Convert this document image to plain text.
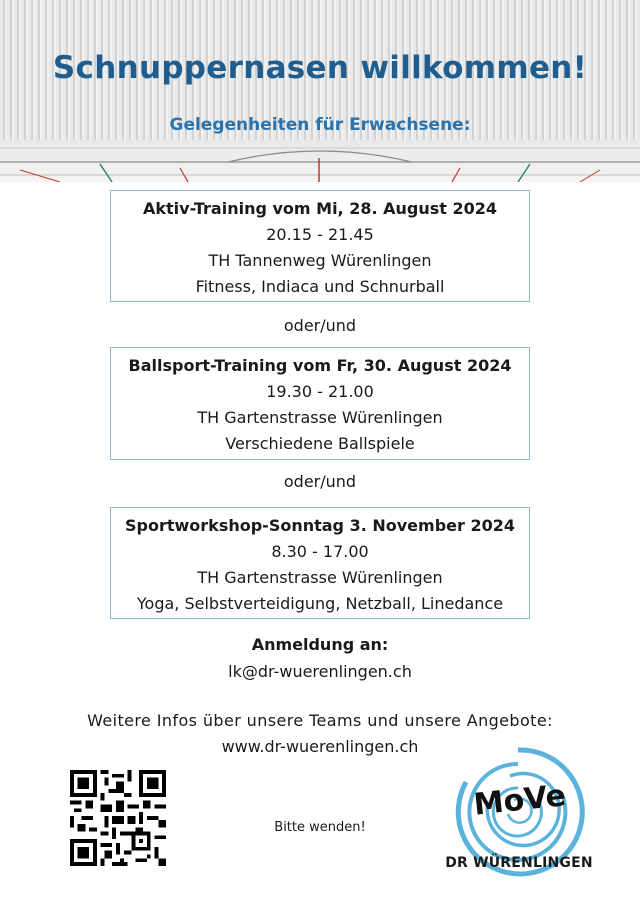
Schnuppernasen willkommen!
Gelegenheiten für Erwachsene:
Aktiv-Training vom Mi, 28. August 2024
20.15 - 21.45
TH Tannenweg Würenlingen
Fitness, Indiaca und Schnurball
oder/und
Ballsport-Training vom Fr, 30. August 2024
19.30 - 21.00
TH Gartenstrasse Würenlingen
Verschiedene Ballspiele
oder/und
Sportworkshop-Sonntag 3. November 2024
8.30 - 17.00
TH Gartenstrasse Würenlingen
Yoga, Selbstverteidigung, Netzball, Linedance
Anmeldung an:
lk@dr-wuerenlingen.ch
Weitere Infos über unsere Teams und unsere Angebote:
www.dr-wuerenlingen.ch
Bitte wenden!
MoVe
DR WÜRENLINGEN
